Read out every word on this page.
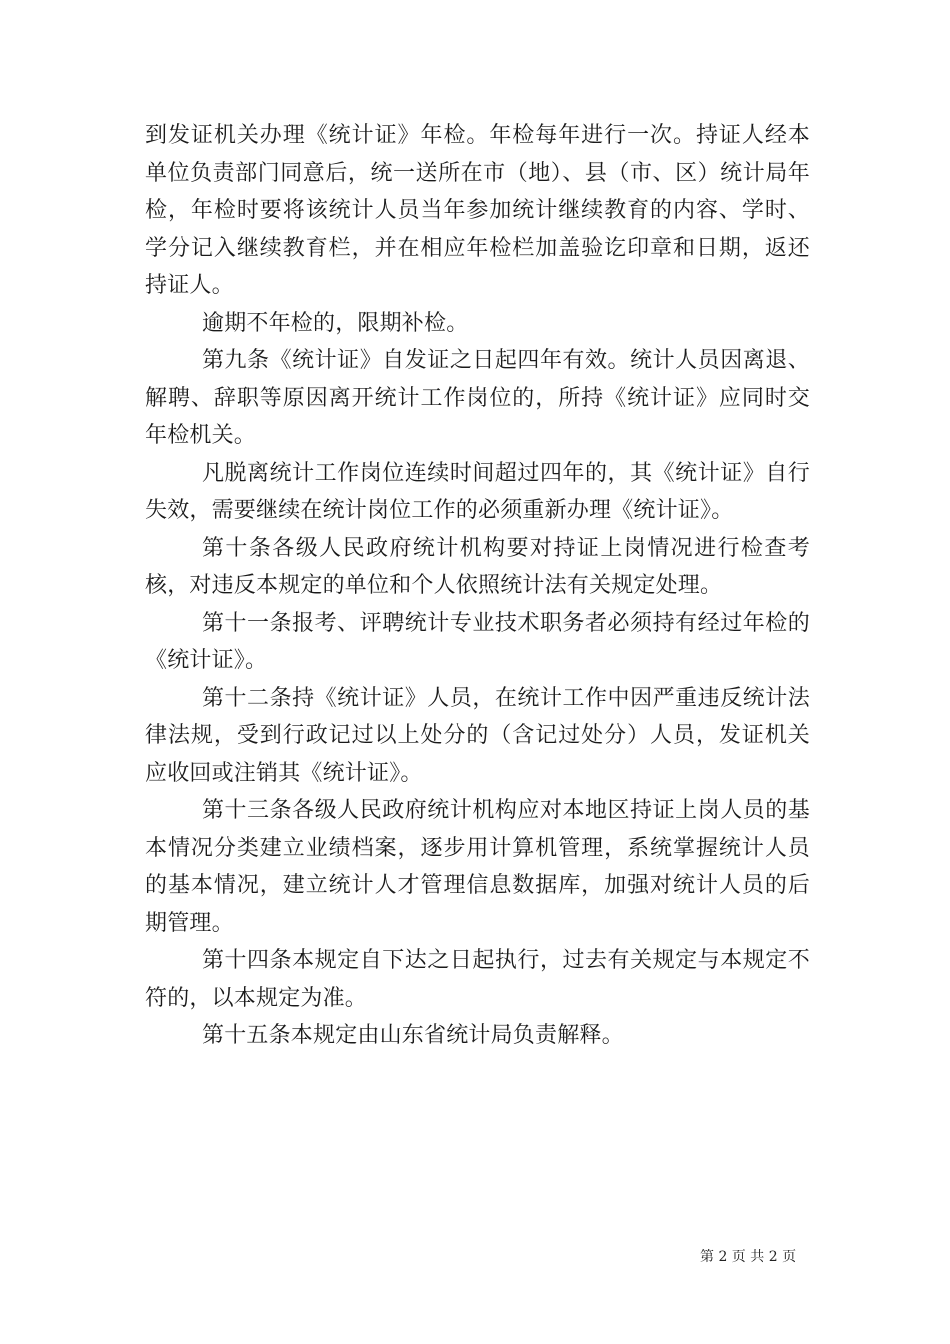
到发证机关办理《统计证》年检。年检每年进行一次。持证人经本单位负责部门同意后，统一送所在市（地）、县（市、区）统计局年检，年检时要将该统计人员当年参加统计继续教育的内容、学时、学分记入继续教育栏，并在相应年检栏加盖验讫印章和日期，返还持证人。

逾期不年检的，限期补检。

第九条《统计证》自发证之日起四年有效。统计人员因离退、解聘、辞职等原因离开统计工作岗位的，所持《统计证》应同时交年检机关。

凡脱离统计工作岗位连续时间超过四年的，其《统计证》自行失效，需要继续在统计岗位工作的必须重新办理《统计证》。

第十条各级人民政府统计机构要对持证上岗情况进行检查考核，对违反本规定的单位和个人依照统计法有关规定处理。

第十一条报考、评聘统计专业技术职务者必须持有经过年检的《统计证》。

第十二条持《统计证》人员，在统计工作中因严重违反统计法律法规，受到行政记过以上处分的（含记过处分）人员，发证机关应收回或注销其《统计证》。

第十三条各级人民政府统计机构应对本地区持证上岗人员的基本情况分类建立业绩档案，逐步用计算机管理，系统掌握统计人员的基本情况，建立统计人才管理信息数据库，加强对统计人员的后期管理。

第十四条本规定自下达之日起执行，过去有关规定与本规定不符的，以本规定为准。

第十五条本规定由山东省统计局负责解释。

第 2 页 共 2 页
